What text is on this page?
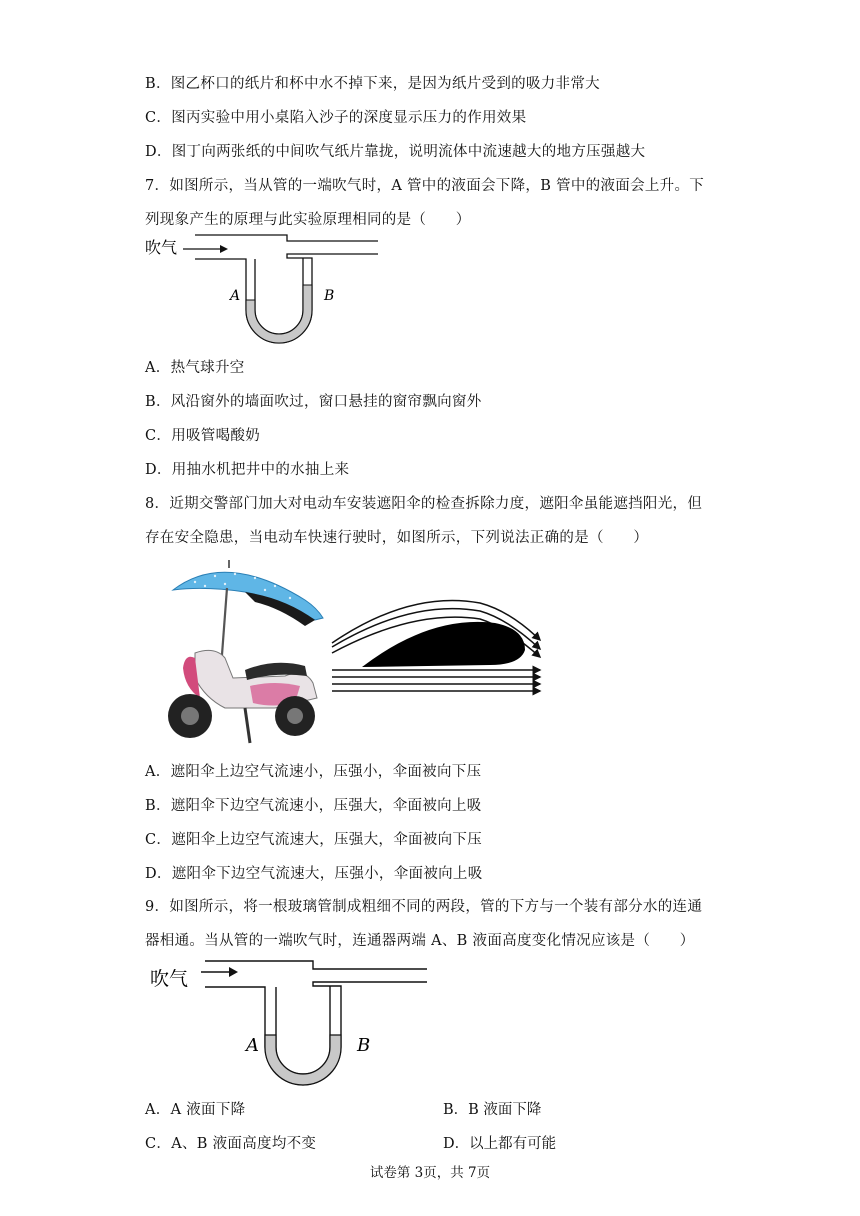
B．图乙杯口的纸片和杯中水不掉下来，是因为纸片受到的吸力非常大
C．图丙实验中用小桌陷入沙子的深度显示压力的作用效果
D．图丁向两张纸的中间吹气纸片靠拢，说明流体中流速越大的地方压强越大
7．如图所示，当从管的一端吹气时，A 管中的液面会下降，B 管中的液面会上升。下
列现象产生的原理与此实验原理相同的是（　　）
吹气
A	B
A．热气球升空
B．风沿窗外的墙面吹过，窗口悬挂的窗帘飘向窗外
C．用吸管喝酸奶
D．用抽水机把井中的水抽上来
8．近期交警部门加大对电动车安装遮阳伞的检查拆除力度，遮阳伞虽能遮挡阳光，但
存在安全隐患，当电动车快速行驶时，如图所示，下列说法正确的是（　　）
A．遮阳伞上边空气流速小，压强小，伞面被向下压
B．遮阳伞下边空气流速小，压强大，伞面被向上吸
C．遮阳伞上边空气流速大，压强大，伞面被向下压
D．遮阳伞下边空气流速大，压强小，伞面被向上吸
9．如图所示，将一根玻璃管制成粗细不同的两段，管的下方与一个装有部分水的连通
器相通。当从管的一端吹气时，连通器两端 A、B 液面高度变化情况应该是（　　）
吹气
A	B
A．A 液面下降	B．B 液面下降
C．A、B 液面高度均不变	D．以上都有可能
试卷第 3页，共 7页
